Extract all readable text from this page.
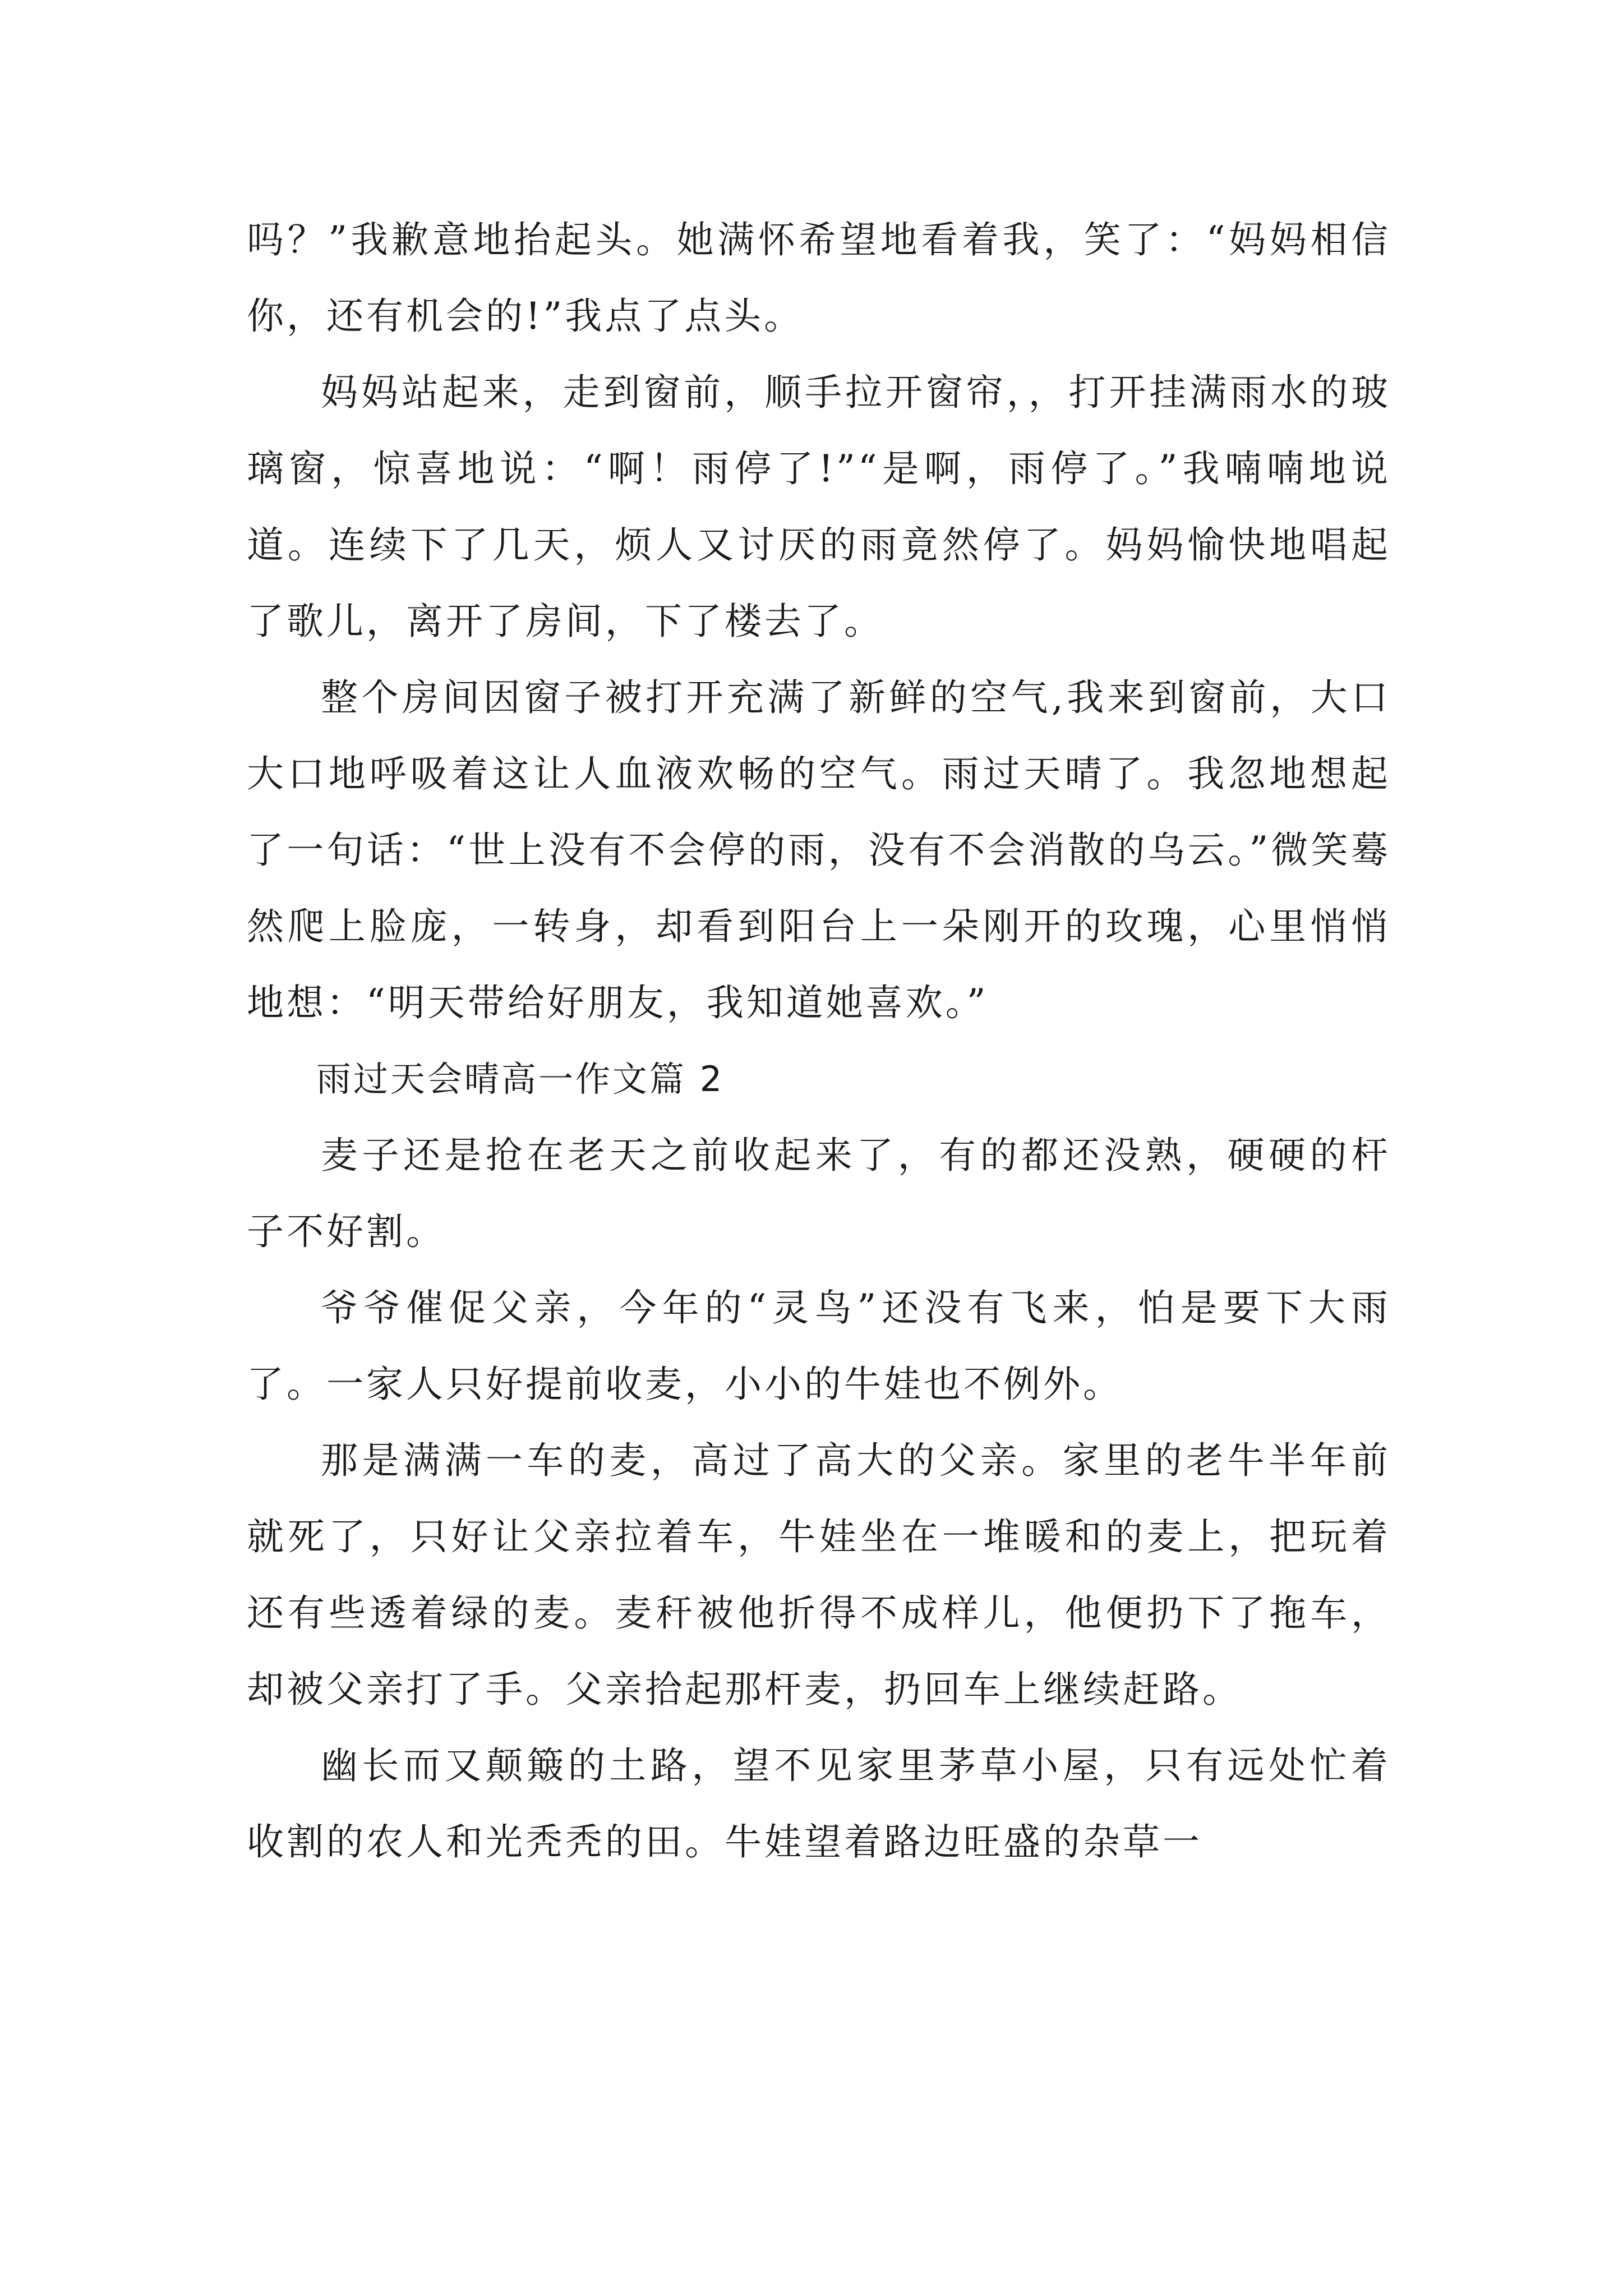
吗？”我歉意地抬起头。她满怀希望地看着我，笑了：“妈妈相信你，还有机会的!”我点了点头。

妈妈站起来，走到窗前，顺手拉开窗帘，，打开挂满雨水的玻璃窗，惊喜地说：“啊！雨停了!”“是啊，雨停了。”我喃喃地说道。连续下了几天，烦人又讨厌的雨竟然停了。妈妈愉快地唱起了歌儿，离开了房间，下了楼去了。

整个房间因窗子被打开充满了新鲜的空气,我来到窗前，大口大口地呼吸着这让人血液欢畅的空气。雨过天晴了。我忽地想起了一句话：“世上没有不会停的雨，没有不会消散的乌云。”微笑蓦然爬上脸庞，一转身，却看到阳台上一朵刚开的玫瑰，心里悄悄地想：“明天带给好朋友，我知道她喜欢。”

雨过天会晴高一作文篇 2

麦子还是抢在老天之前收起来了，有的都还没熟，硬硬的杆子不好割。

爷爷催促父亲，今年的“灵鸟”还没有飞来，怕是要下大雨了。一家人只好提前收麦，小小的牛娃也不例外。

那是满满一车的麦，高过了高大的父亲。家里的老牛半年前就死了，只好让父亲拉着车，牛娃坐在一堆暖和的麦上，把玩着还有些透着绿的麦。麦秆被他折得不成样儿，他便扔下了拖车，却被父亲打了手。父亲拾起那杆麦，扔回车上继续赶路。

幽长而又颠簸的土路，望不见家里茅草小屋，只有远处忙着收割的农人和光秃秃的田。牛娃望着路边旺盛的杂草一
